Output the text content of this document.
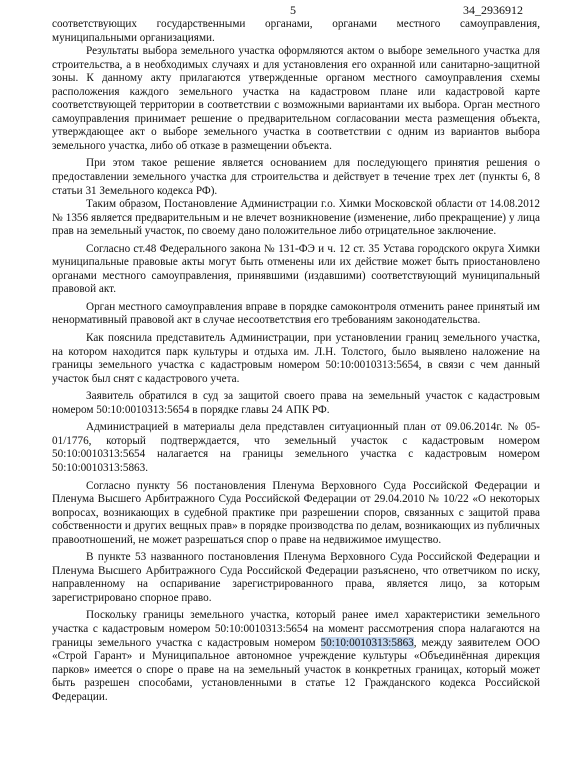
5	34_2936912

соответствующих государственными органами, органами местного самоуправления, муниципальными организациями.

Результаты выбора земельного участка оформляются актом о выборе земельного участка для строительства, а в необходимых случаях и для установления его охранной или санитарно-защитной зоны. К данному акту прилагаются утвержденные органом местного самоуправления схемы расположения каждого земельного участка на кадастровом плане или кадастровой карте соответствующей территории в соответствии с возможными вариантами их выбора. Орган местного самоуправления принимает решение о предварительном согласовании места размещения объекта, утверждающее акт о выборе земельного участка в соответствии с одним из вариантов выбора земельного участка, либо об отказе в размещении объекта.

При этом такое решение является основанием для последующего принятия решения о предоставлении земельного участка для строительства и действует в течение трех лет (пункты 6, 8 статьи 31 Земельного кодекса РФ).

Таким образом, Постановление Администрации г.о. Химки Московской области от 14.08.2012 № 1356 является предварительным и не влечет возникновение (изменение, либо прекращение) у лица прав на земельный участок, по своему дано положительное либо отрицательное заключение.

Согласно ст.48 Федерального закона № 131-ФЭ и ч. 12 ст. 35 Устава городского округа Химки муниципальные правовые акты могут быть отменены или их действие может быть приостановлено органами местного самоуправления, принявшими (издавшими) соответствующий муниципальный правовой акт.

Орган местного самоуправления вправе в порядке самоконтроля отменить ранее принятый им ненормативный правовой акт в случае несоответствия его требованиям законодательства.

Как пояснила представитель Администрации, при установлении границ земельного участка, на котором находится парк культуры и отдыха им. Л.Н. Толстого, было выявлено наложение на границы земельного участка с кадастровым номером 50:10:0010313:5654, в связи с чем данный участок был снят с кадастрового учета.

Заявитель обратился в суд за защитой своего права на земельный участок с кадастровым номером 50:10:0010313:5654 в порядке главы 24 АПК РФ.

Администрацией в материалы дела представлен ситуационный план от 09.06.2014г. № 05-01/1776, который подтверждается, что земельный участок с кадастровым номером 50:10:0010313:5654 налагается на границы земельного участка с кадастровым номером 50:10:0010313:5863.

Согласно пункту 56 постановления Пленума Верховного Суда Российской Федерации и Пленума Высшего Арбитражного Суда Российской Федерации от 29.04.2010 № 10/22 «О некоторых вопросах, возникающих в судебной практике при разрешении споров, связанных с защитой права собственности и других вещных прав» в порядке производства по делам, возникающих из публичных правоотношений, не может разрешаться спор о праве на недвижимое имущество.

В пункте 53 названного постановления Пленума Верховного Суда Российской Федерации и Пленума Высшего Арбитражного Суда Российской Федерации разъяснено, что ответчиком по иску, направленному на оспаривание зарегистрированного права, является лицо, за которым зарегистрировано спорное право.

Поскольку границы земельного участка, который ранее имел характеристики земельного участка с кадастровым номером 50:10:0010313:5654 на момент рассмотрения спора налагаются на границы земельного участка с кадастровым номером 50:10:0010313:5863, между заявителем ООО «Строй Гарант» и Муниципальное автономное учреждение культуры «Объединённая дирекция парков» имеется о споре о праве на на земельный участок в конкретных границах, который может быть разрешен способами, установленными в статье 12 Гражданского кодекса Российской Федерации.
